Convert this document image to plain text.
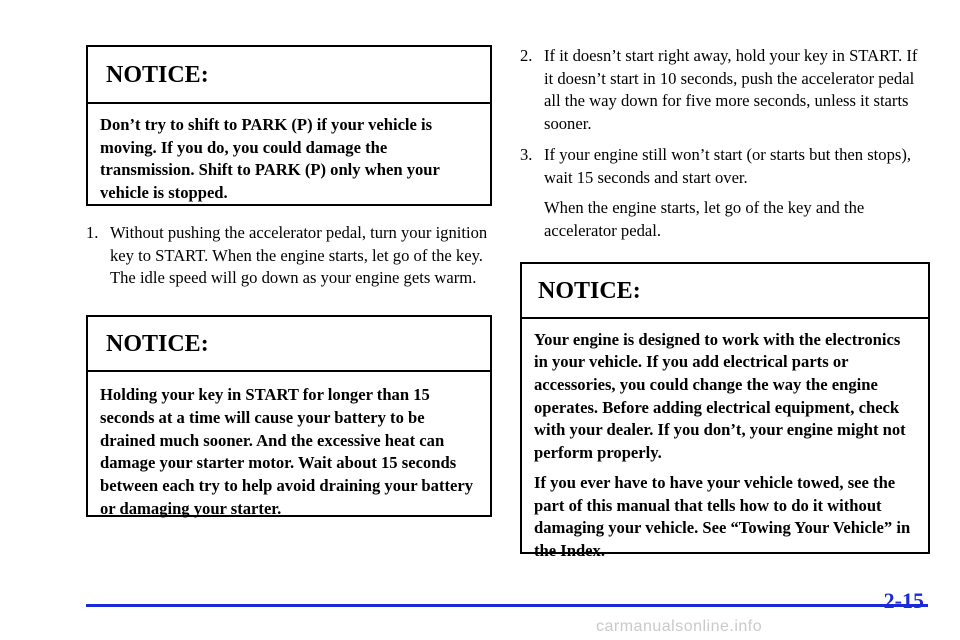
NOTICE:

Don’t try to shift to PARK (P) if your vehicle is moving. If you do, you could damage the transmission. Shift to PARK (P) only when your vehicle is stopped.

1. Without pushing the accelerator pedal, turn your ignition key to START. When the engine starts, let go of the key. The idle speed will go down as your engine gets warm.

NOTICE:

Holding your key in START for longer than 15 seconds at a time will cause your battery to be drained much sooner. And the excessive heat can damage your starter motor. Wait about 15 seconds between each try to help avoid draining your battery or damaging your starter.

2. If it doesn’t start right away, hold your key in START. If it doesn’t start in 10 seconds, push the accelerator pedal all the way down for five more seconds, unless it starts sooner.

3. If your engine still won’t start (or starts but then stops), wait 15 seconds and start over.

When the engine starts, let go of the key and the accelerator pedal.

NOTICE:

Your engine is designed to work with the electronics in your vehicle. If you add electrical parts or accessories, you could change the way the engine operates. Before adding electrical equipment, check with your dealer. If you don’t, your engine might not perform properly.

If you ever have to have your vehicle towed, see the part of this manual that tells how to do it without damaging your vehicle. See “Towing Your Vehicle” in the Index.

2-15
carmanualsonline.info
